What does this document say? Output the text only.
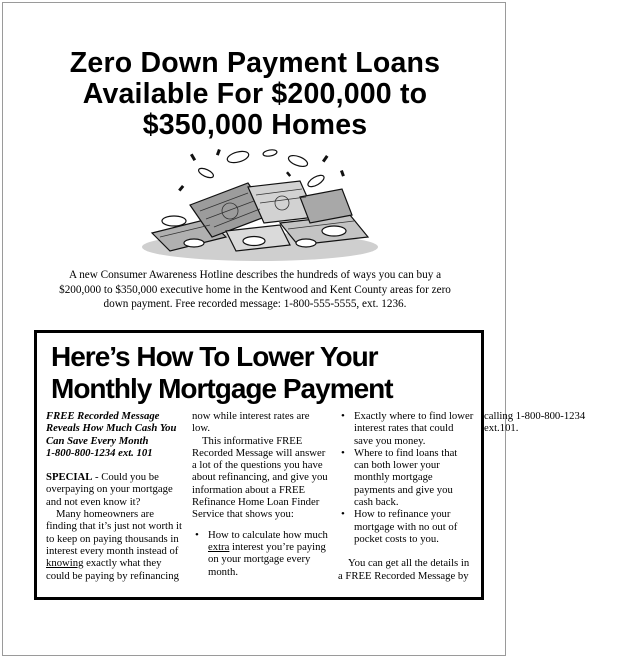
Zero Down Payment Loans
Available For $200,000 to
$350,000 Homes

A new Consumer Awareness Hotline describes the hundreds of ways you can buy a
$200,000 to $350,000 executive home in the Kentwood and Kent County areas for zero
down payment. Free recorded message: 1-800-555-5555, ext. 1236.

Here’s How To Lower Your
Monthly Mortgage Payment

FREE Recorded Message
Reveals How Much Cash You
Can Save Every Month
1-800-800-1234 ext. 101

SPECIAL - Could you be overpaying on your mortgage and not even know it?

Many homeowners are finding that it’s just not worth it to keep on paying thousands in interest every month instead of knowing exactly what they could be paying by refinancing now while interest rates are low.

This informative FREE Recorded Message will answer a lot of the questions you have about refinancing, and give you information about a FREE Refinance Home Loan Finder Service that shows you:

• How to calculate how much extra interest you’re paying on your mortgage every month.
• Exactly where to find lower interest rates that could save you money.
• Where to find loans that can both lower your monthly mortgage payments and give you cash back.
• How to refinance your mortgage with no out of pocket costs to you.

You can get all the details in a FREE Recorded Message by calling 1-800-800-1234 ext.101.
